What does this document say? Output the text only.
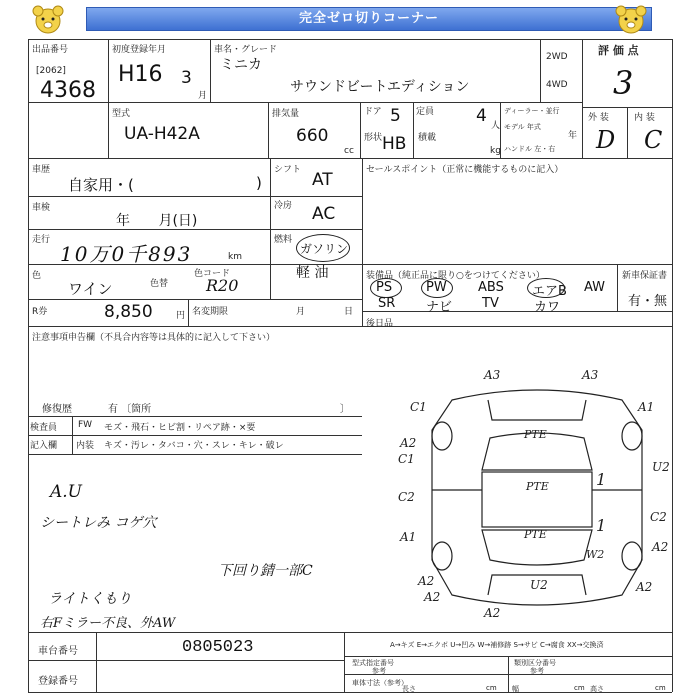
完全ゼロ切りコーナー
出品番号
[2062]
4368
初度登録年月
H16 3
月
車名・グレード
ミニカ
サウンドビートエディション
2WD
4WD
評 価 点
3
型式
UA-H42A
排気量
660
cc
ドア 5 定員 4 人
ディーラー・並行
モデル 年式
年
形状 HB 積載
kg ハンドル 左・右
外 装	内 装
D C
車歴
自家用・(	)
シフト AT	セールスポイント（正常に機能するものに記入）
車検
年 月(日)
冷房 AC
走行
10万0千893	km
燃料
ガソリン
軽 油
色
ワイン	色替
色コード
R20	装備品（純正品に限り○をつけてください）
PS	PW ABS エアB AW
SR ナビ TV	カワ
新車保証書
有・無
R券	8,850	円 名変期限	月	日
後日品
注意事項申告欄（不具合内容等は具体的に記入して下さい）
修復歴	有 〔箇所	〕
検査員
記入欄
FW モズ・飛石・ヒビ割・リペア跡・×要
内装 キズ・汚レ・タバコ・穴・スレ・キレ・破レ
A.U
シートレみ コゲ穴
下回り錆一部C
ライトくもり
右Fミラー不良、外AW
A3	A3
C1	A1
A2
C1
U2
C2
C2
A1
A2
A2	U2	A2
A2
A2
W2
PTE
PTE
PTE
1
1
A→キズ E→エクボ U→凹み W→補修跡 S→サビ C→腐食 XX→交換済
車台番号	0805023
登録番号
型式指定番号
参考
類別区分番号
参考
車体寸法（参考）
長さ	cm 幅	cm 高さ	cm
